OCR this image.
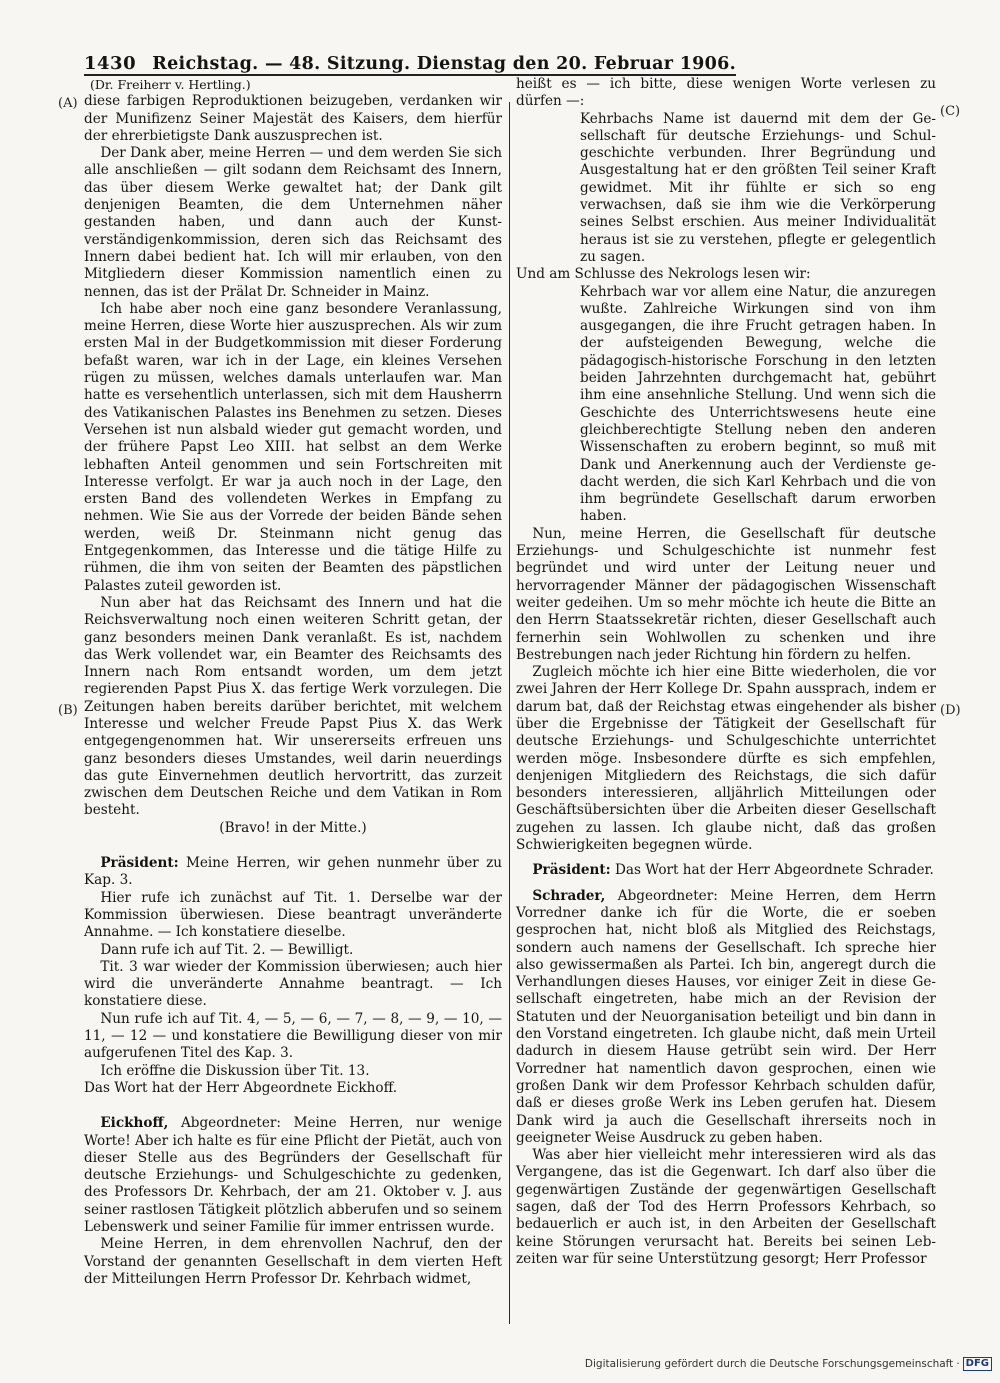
1430 Reichstag. — 48. Sitzung. Dienstag den 20. Februar 1906.
(A)
(B)
(C)
(D)

(Dr. Freiherr v. Hertling.)

diese farbigen Reproduktionen beizugeben, verdanken wir der Munifizenz Seiner Majestät des Kaisers, dem hierfür der ehrerbietigste Dank auszusprechen ist.

Der Dank aber, meine Herren — und dem werden Sie sich alle anschließen — gilt sodann dem Reichsamt des Innern, das über diesem Werke gewaltet hat; der Dank gilt denjenigen Beamten, die dem Unternehmen näher gestanden haben, und dann auch der Kunstverständigenkommission, deren sich das Reichsamt des Innern dabei bedient hat. Ich will mir erlauben, von den Mitgliedern dieser Kommission namentlich einen zu nennen, das ist der Prälat Dr. Schneider in Mainz.

Ich habe aber noch eine ganz besondere Veranlassung, meine Herren, diese Worte hier auszusprechen. Als wir zum ersten Mal in der Budgetkommission mit dieser Forderung befaßt waren, war ich in der Lage, ein kleines Versehen rügen zu müssen, welches damals unterlaufen war. Man hatte es versehentlich unterlassen, sich mit dem Hausherrn des Vatikanischen Palastes ins Benehmen zu setzen. Dieses Versehen ist nun alsbald wieder gut gemacht worden, und der frühere Papst Leo XIII. hat selbst an dem Werke lebhaften Anteil genommen und sein Fortschreiten mit Interesse verfolgt. Er war ja auch noch in der Lage, den ersten Band des vollendeten Werkes in Empfang zu nehmen. Wie Sie aus der Vorrede der beiden Bände sehen werden, weiß Dr. Steinmann nicht genug das Entgegenkommen, das Interesse und die tätige Hilfe zu rühmen, die ihm von seiten der Beamten des päpstlichen Palastes zuteil geworden ist.

Nun aber hat das Reichsamt des Innern und hat die Reichsverwaltung noch einen weiteren Schritt getan, der ganz besonders meinen Dank veranlaßt. Es ist, nachdem das Werk vollendet war, ein Beamter des Reichsamts des Innern nach Rom entsandt worden, um dem jetzt regierenden Papst Pius X. das fertige Werk vorzulegen. Die Zeitungen haben bereits darüber berichtet, mit welchem Interesse und welcher Freude Papst Pius X. das Werk entgegengenommen hat. Wir unsererseits erfreuen uns ganz besonders dieses Umstandes, weil darin neuerdings das gute Einvernehmen deutlich hervortritt, das zurzeit zwischen dem Deutschen Reiche und dem Vatikan in Rom besteht.

(Bravo! in der Mitte.)

Präsident: Meine Herren, wir gehen nunmehr über zu Kap. 3.

Hier rufe ich zunächst auf Tit. 1. Derselbe war der Kommission überwiesen. Diese beantragt unveränderte Annahme. — Ich konstatiere dieselbe.

Dann rufe ich auf Tit. 2. — Bewilligt.

Tit. 3 war wieder der Kommission überwiesen; auch hier wird die unveränderte Annahme beantragt. — Ich konstatiere diese.

Nun rufe ich auf Tit. 4, — 5, — 6, — 7, — 8, — 9, — 10, — 11, — 12 — und konstatiere die Bewilligung dieser von mir aufgerufenen Titel des Kap. 3.

Ich eröffne die Diskussion über Tit. 13.

Das Wort hat der Herr Abgeordnete Eickhoff.

Eickhoff, Abgeordneter: Meine Herren, nur wenige Worte! Aber ich halte es für eine Pflicht der Pietät, auch von dieser Stelle aus des Begründers der Gesellschaft für deutsche Erziehungs- und Schulgeschichte zu gedenken, des Professors Dr. Kehrbach, der am 21. Oktober v. J. aus seiner rastlosen Tätigkeit plötzlich abberufen und so seinem Lebenswerk und seiner Familie für immer entrissen wurde.

Meine Herren, in dem ehrenvollen Nachruf, den der Vorstand der genannten Gesellschaft in dem vierten Heft der Mitteilungen Herrn Professor Dr. Kehrbach widmet,

heißt es — ich bitte, diese wenigen Worte verlesen zu dürfen —:

Kehrbachs Name ist dauernd mit dem der Gesellschaft für deutsche Erziehungs- und Schulgeschichte verbunden. Ihrer Begründung und Ausgestaltung hat er den größten Teil seiner Kraft gewidmet. Mit ihr fühlte er sich so eng verwachsen, daß sie ihm wie die Verkörperung seines Selbst erschien. Aus meiner Individualität heraus ist sie zu verstehen, pflegte er gelegentlich zu sagen.

Und am Schlusse des Nekrologs lesen wir:

Kehrbach war vor allem eine Natur, die anzuregen wußte. Zahlreiche Wirkungen sind von ihm ausgegangen, die ihre Frucht getragen haben. In der aufsteigenden Bewegung, welche die pädagogisch-historische Forschung in den letzten beiden Jahrzehnten durchgemacht hat, gebührt ihm eine ansehnliche Stellung. Und wenn sich die Geschichte des Unterrichtswesens heute eine gleichberechtigte Stellung neben den anderen Wissenschaften zu erobern beginnt, so muß mit Dank und Anerkennung auch der Verdienste gedacht werden, die sich Karl Kehrbach und die von ihm begründete Gesellschaft darum erworben haben.

Nun, meine Herren, die Gesellschaft für deutsche Erziehungs- und Schulgeschichte ist nunmehr fest begründet und wird unter der Leitung neuer und hervorragender Männer der pädagogischen Wissenschaft weiter gedeihen. Um so mehr möchte ich heute die Bitte an den Herrn Staatssekretär richten, dieser Gesellschaft auch fernerhin sein Wohlwollen zu schenken und ihre Bestrebungen nach jeder Richtung hin fördern zu helfen.

Zugleich möchte ich hier eine Bitte wiederholen, die vor zwei Jahren der Herr Kollege Dr. Spahn aussprach, indem er darum bat, daß der Reichstag etwas eingehender als bisher über die Ergebnisse der Tätigkeit der Gesellschaft für deutsche Erziehungs- und Schulgeschichte unterrichtet werden möge. Insbesondere dürfte es sich empfehlen, denjenigen Mitgliedern des Reichstags, die sich dafür besonders interessieren, alljährlich Mitteilungen oder Geschäftsübersichten über die Arbeiten dieser Gesellschaft zugehen zu lassen. Ich glaube nicht, daß das großen Schwierigkeiten begegnen würde.

Präsident: Das Wort hat der Herr Abgeordnete Schrader.

Schrader, Abgeordneter: Meine Herren, dem Herrn Vorredner danke ich für die Worte, die er soeben gesprochen hat, nicht bloß als Mitglied des Reichstags, sondern auch namens der Gesellschaft. Ich spreche hier also gewissermaßen als Partei. Ich bin, angeregt durch die Verhandlungen dieses Hauses, vor einiger Zeit in diese Gesellschaft eingetreten, habe mich an der Revision der Statuten und der Neuorganisation beteiligt und bin dann in den Vorstand eingetreten. Ich glaube nicht, daß mein Urteil dadurch in diesem Hause getrübt sein wird. Der Herr Vorredner hat namentlich davon gesprochen, einen wie großen Dank wir dem Professor Kehrbach schulden dafür, daß er dieses große Werk ins Leben gerufen hat. Diesem Dank wird ja auch die Gesellschaft ihrerseits noch in geeigneter Weise Ausdruck zu geben haben.

Was aber hier vielleicht mehr interessieren wird als das Vergangene, das ist die Gegenwart. Ich darf also über die gegenwärtigen Zustände der gegenwärtigen Gesellschaft sagen, daß der Tod des Herrn Professors Kehrbach, so bedauerlich er auch ist, in den Arbeiten der Gesellschaft keine Störungen verursacht hat. Bereits bei seinen Lebzeiten war für seine Unterstützung gesorgt; Herr Professor

Digitalisierung gefördert durch die Deutsche Forschungsgemeinschaft · DFG
